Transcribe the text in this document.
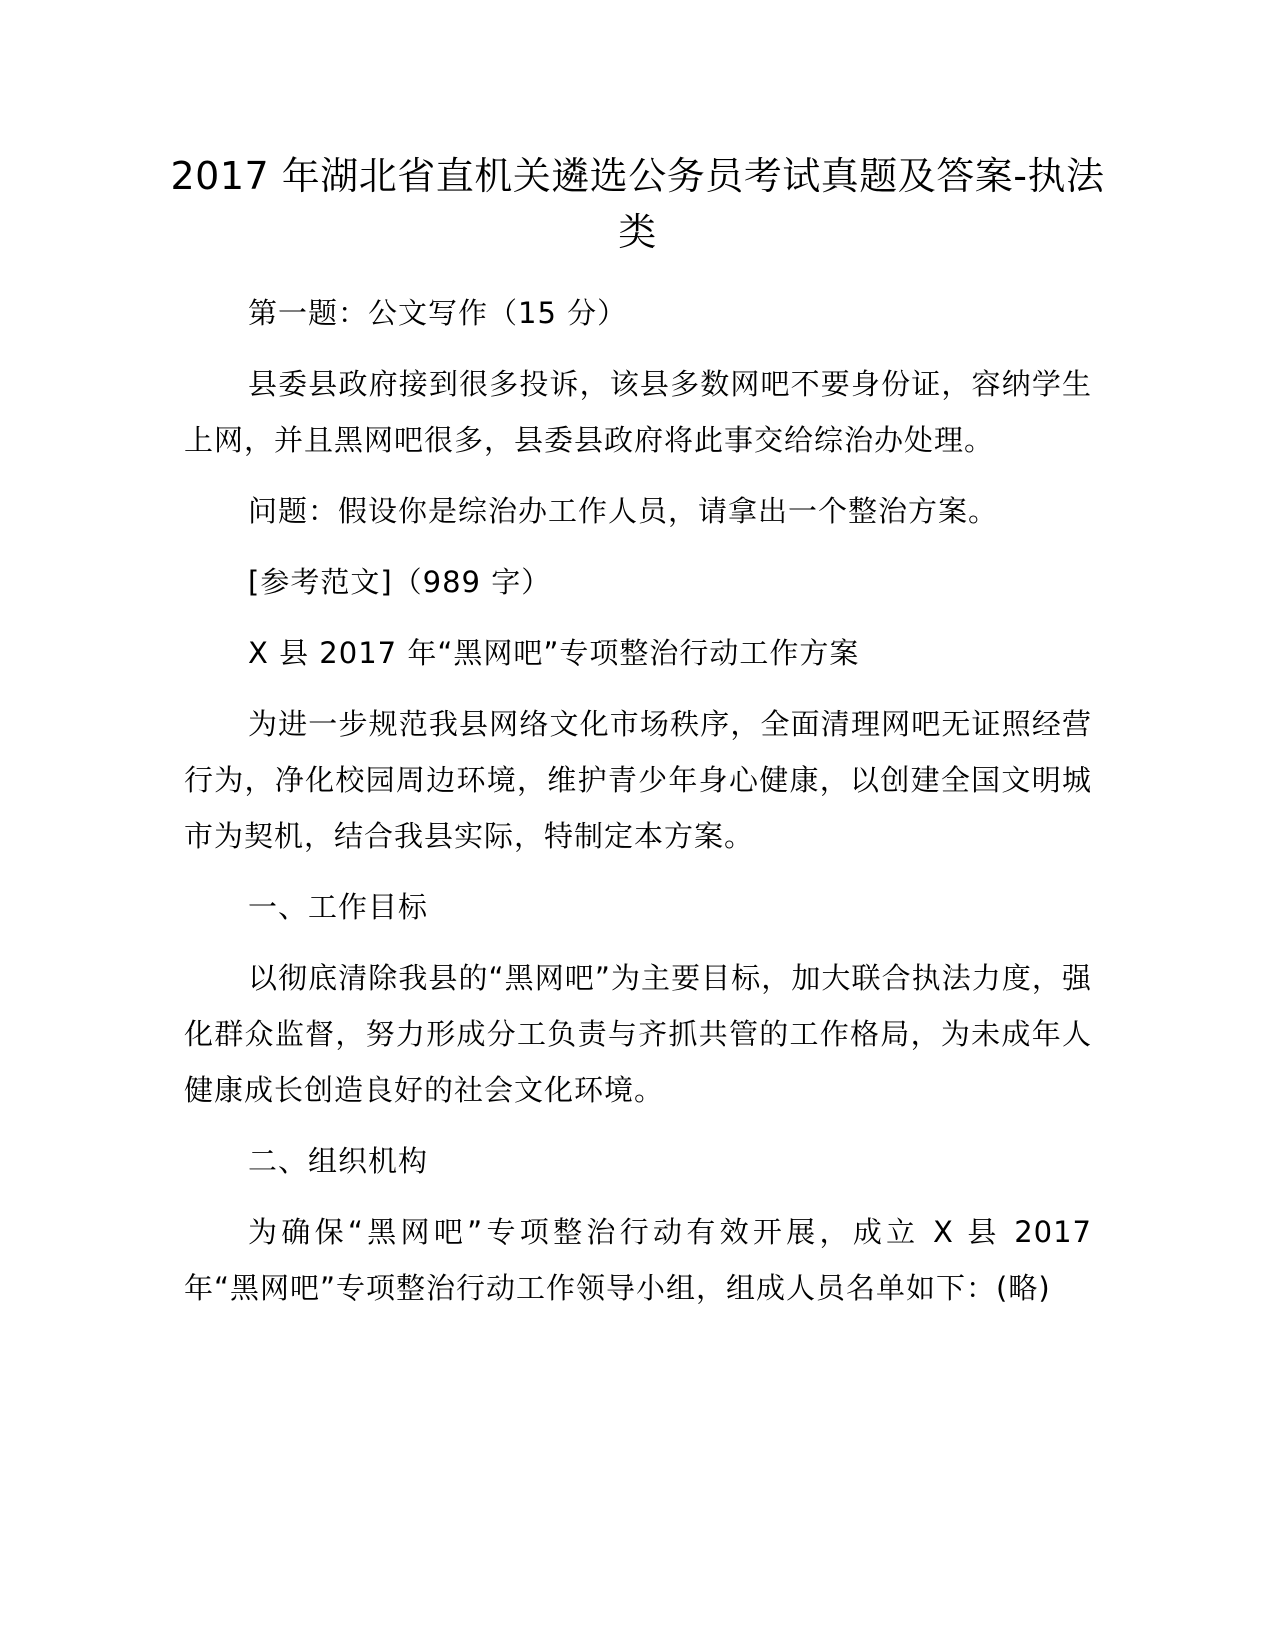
2017 年湖北省直机关遴选公务员考试真题及答案-执法类

第一题：公文写作（15 分）

县委县政府接到很多投诉，该县多数网吧不要身份证，容纳学生上网，并且黑网吧很多，县委县政府将此事交给综治办处理。

问题：假设你是综治办工作人员，请拿出一个整治方案。

[参考范文]（989 字）

X 县 2017 年“黑网吧”专项整治行动工作方案

为进一步规范我县网络文化市场秩序，全面清理网吧无证照经营行为，净化校园周边环境，维护青少年身心健康，以创建全国文明城市为契机，结合我县实际，特制定本方案。

一、工作目标

以彻底清除我县的“黑网吧”为主要目标，加大联合执法力度，强化群众监督，努力形成分工负责与齐抓共管的工作格局，为未成年人健康成长创造良好的社会文化环境。

二、组织机构

为确保“黑网吧”专项整治行动有效开展，成立 X 县 2017 年“黑网吧”专项整治行动工作领导小组，组成人员名单如下：(略)
